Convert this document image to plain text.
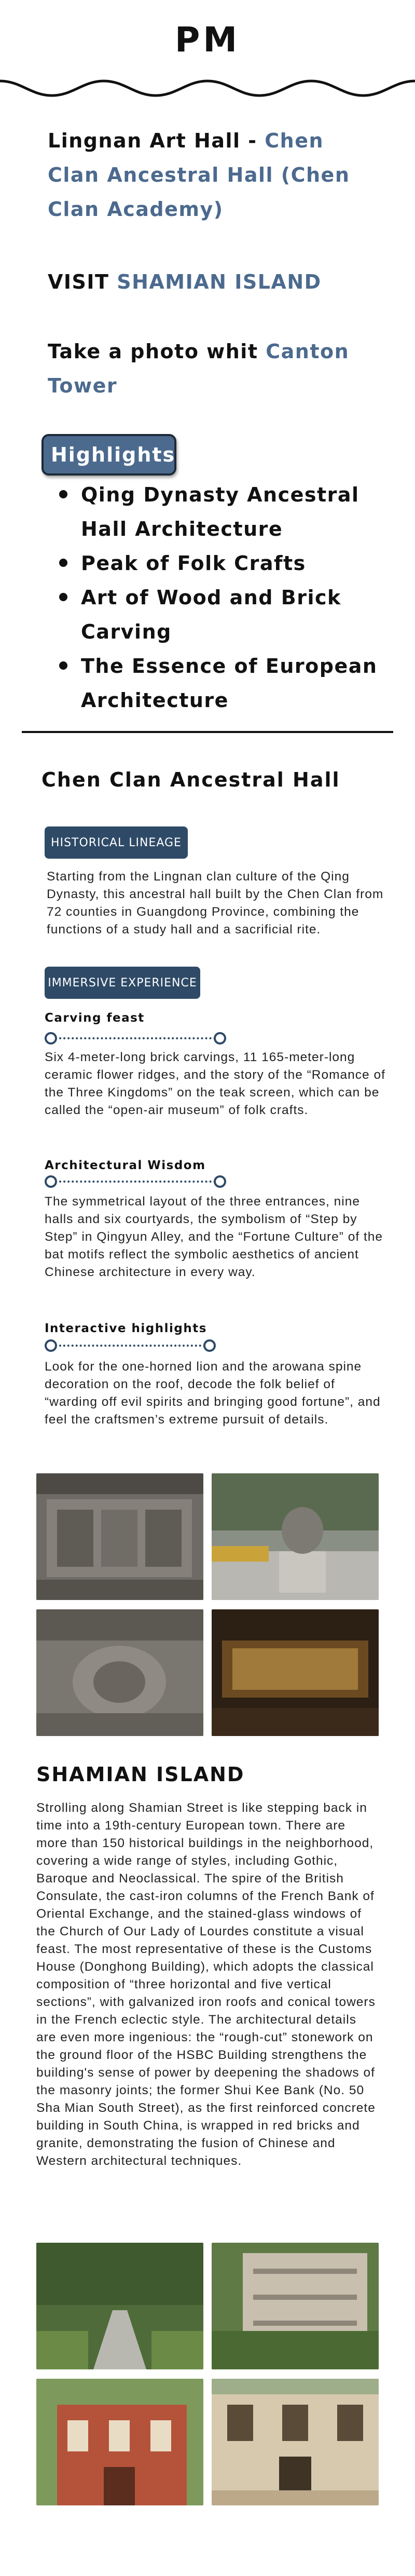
PM
Lingnan Art Hall - Chen Clan Ancestral Hall (Chen Clan Academy)
VISIT SHAMIAN ISLAND
Take a photo whit Canton Tower
Highlights
Qing Dynasty Ancestral Hall Architecture
Peak of Folk Crafts
Art of Wood and Brick Carving
The Essence of European Architecture
Chen Clan Ancestral Hall
HISTORICAL LINEAGE
Starting from the Lingnan clan culture of the Qing Dynasty, this ancestral hall built by the Chen Clan from 72 counties in Guangdong Province, combining the functions of a study hall and a sacrificial rite.
IMMERSIVE EXPERIENCE
Carving feast
Six 4-meter-long brick carvings, 11 165-meter-long ceramic flower ridges, and the story of the “Romance of the Three Kingdoms” on the teak screen, which can be called the “open-air museum” of folk crafts.
Architectural Wisdom
The symmetrical layout of the three entrances, nine halls and six courtyards, the symbolism of “Step by Step” in Qingyun Alley, and the “Fortune Culture” of the bat motifs reflect the symbolic aesthetics of ancient Chinese architecture in every way.
Interactive highlights
Look for the one-horned lion and the arowana spine decoration on the roof, decode the folk belief of “warding off evil spirits and bringing good fortune”, and feel the craftsmen’s extreme pursuit of details.
SHAMIAN ISLAND
Strolling along Shamian Street is like stepping back in time into a 19th-century European town. There are more than 150 historical buildings in the neighborhood, covering a wide range of styles, including Gothic, Baroque and Neoclassical. The spire of the British Consulate, the cast-iron columns of the French Bank of Oriental Exchange, and the stained-glass windows of the Church of Our Lady of Lourdes constitute a visual feast. The most representative of these is the Customs House (Donghong Building), which adopts the classical composition of “three horizontal and five vertical sections”, with galvanized iron roofs and conical towers in the French eclectic style. The architectural details are even more ingenious: the “rough-cut” stonework on the ground floor of the HSBC Building strengthens the building's sense of power by deepening the shadows of the masonry joints; the former Shui Kee Bank (No. 50 Sha Mian South Street), as the first reinforced concrete building in South China, is wrapped in red bricks and granite, demonstrating the fusion of Chinese and Western architectural techniques.
